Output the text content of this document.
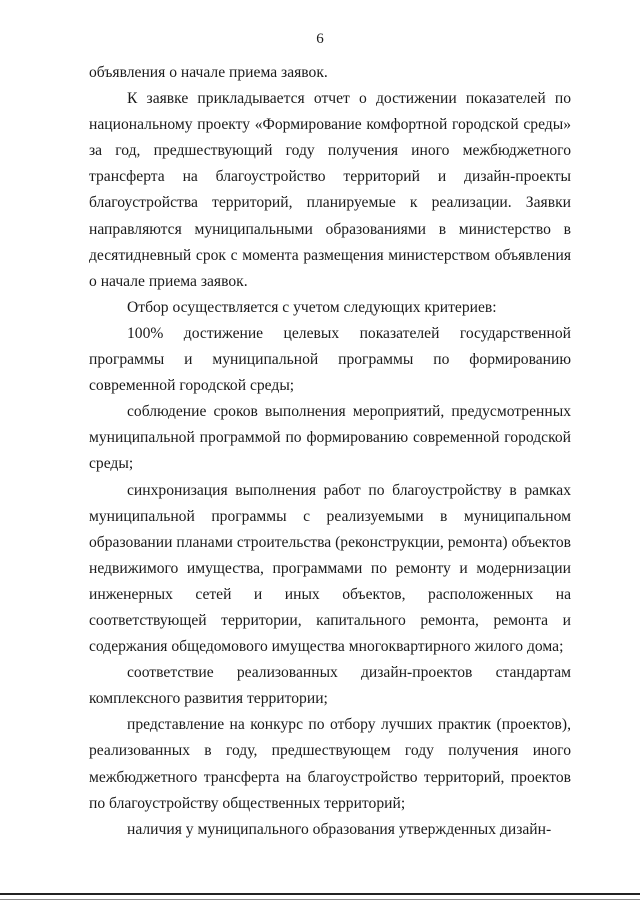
6

объявления о начале приема заявок.

К заявке прикладывается отчет о достижении показателей по национальному проекту «Формирование комфортной городской среды» за год, предшествующий году получения иного межбюджетного трансферта на благоустройство территорий и дизайн-проекты благоустройства территорий, планируемые к реализации. Заявки направляются муниципальными образованиями в министерство в десятидневный срок с момента размещения министерством объявления о начале приема заявок.

Отбор осуществляется с учетом следующих критериев:

100% достижение целевых показателей государственной программы и муниципальной программы по формированию современной городской среды;

соблюдение сроков выполнения мероприятий, предусмотренных муниципальной программой по формированию современной городской среды;

синхронизация выполнения работ по благоустройству в рамках муниципальной программы с реализуемыми в муниципальном образовании планами строительства (реконструкции, ремонта) объектов недвижимого имущества, программами по ремонту и модернизации инженерных сетей и иных объектов, расположенных на соответствующей территории, капитального ремонта, ремонта и содержания общедомового имущества многоквартирного жилого дома;

соответствие реализованных дизайн-проектов стандартам комплексного развития территории;

представление на конкурс по отбору лучших практик (проектов), реализованных в году, предшествующем году получения иного межбюджетного трансферта на благоустройство территорий, проектов по благоустройству общественных территорий;

наличия у муниципального образования утвержденных дизайн-
